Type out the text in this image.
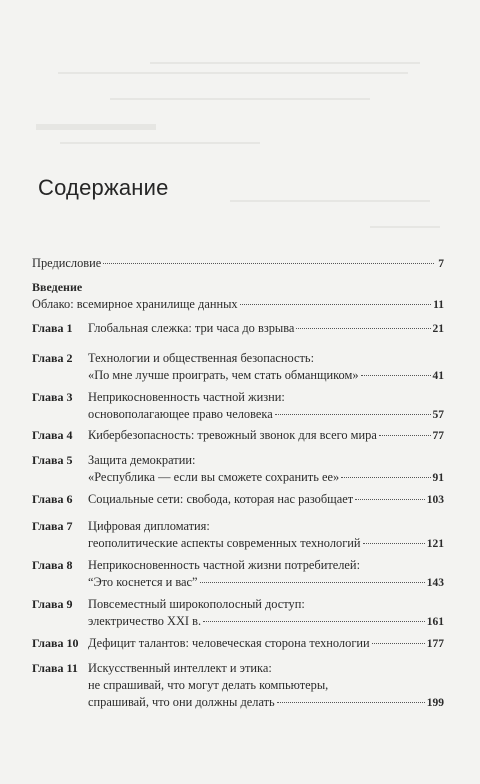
Содержание
Предисловие	7
Введение
Облако: всемирное хранилище данных	11
Глава 1	Глобальная слежка: три часа до взрыва	21
Глава 2	Технологии и общественная безопасность:
«По мне лучше проиграть, чем стать обманщиком»	41
Глава 3	Неприкосновенность частной жизни:
основополагающее право человека	57
Глава 4	Кибербезопасность: тревожный звонок для всего мира	77
Глава 5	Защита демократии:
«Республика — если вы сможете сохранить ее»	91
Глава 6	Социальные сети: свобода, которая нас разобщает	103
Глава 7	Цифровая дипломатия:
геополитические аспекты современных технологий	121
Глава 8	Неприкосновенность частной жизни потребителей:
“Это коснется и вас”	143
Глава 9	Повсеместный широкополосный доступ:
электричество XXI в.	161
Глава 10 Дефицит талантов: человеческая сторона технологии	177
Глава 11 Искусственный интеллект и этика:
не спрашивай, что могут делать компьютеры,
спрашивай, что они должны делать	199
